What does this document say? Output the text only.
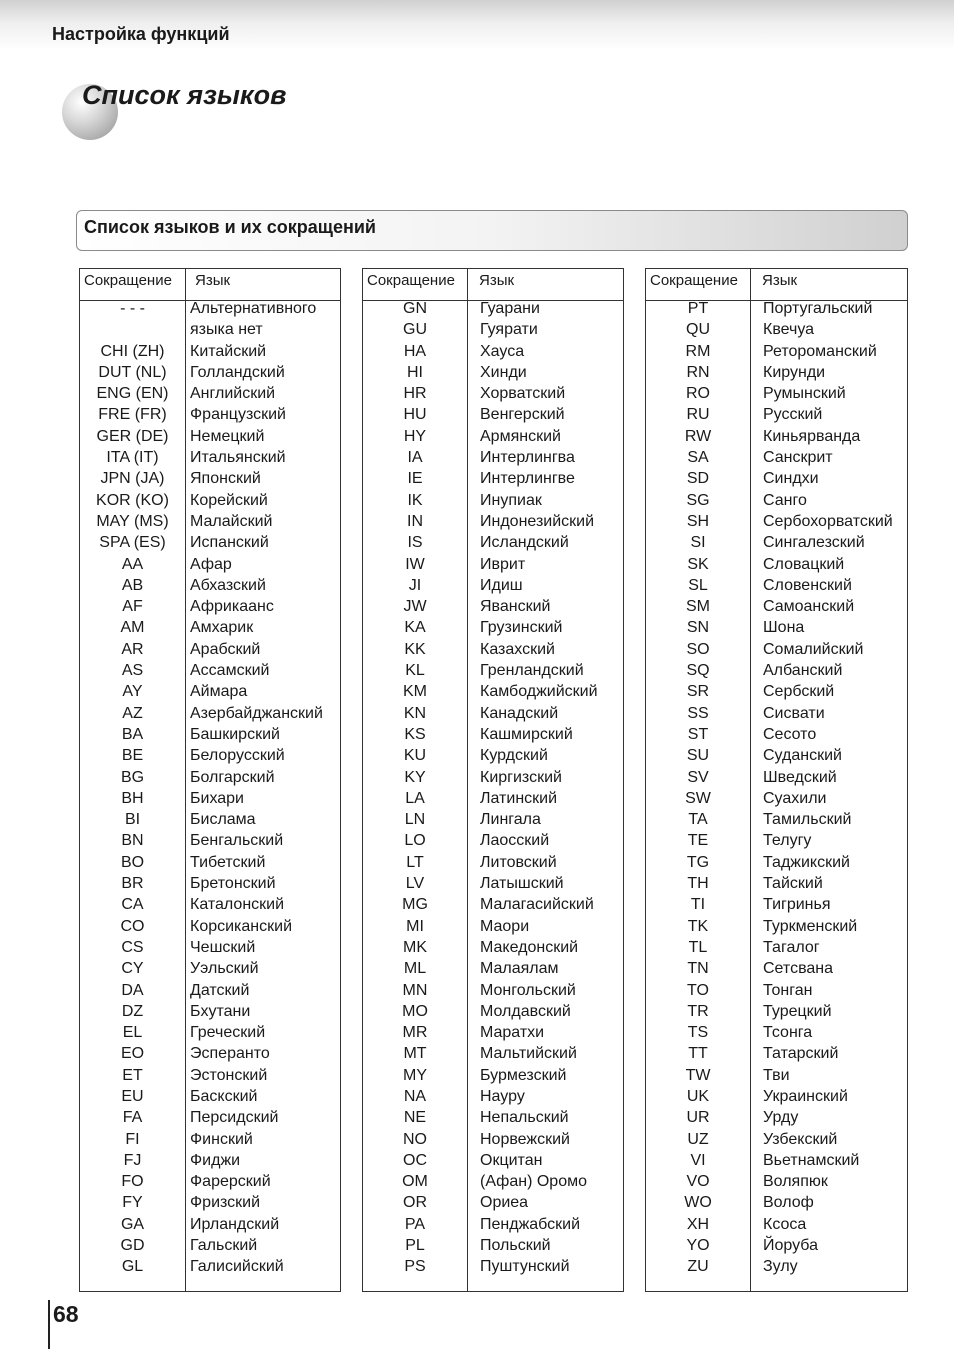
Настройка функций
Список языков
Список языков и их сокращений
Сокращение Язык
- - -	Альтернативного
языка нет
CHI (ZH)	Китайский
DUT (NL)	Голландский
ENG (EN)	Английский
FRE (FR)	Французский
GER (DE)	Немецкий
ITA (IT)	Итальянский
JPN (JA)	Японский
KOR (KO)	Корейский
MAY (MS)	Малайский
SPA (ES)	Испанский
AA	Афар
AB	Абхазский
AF	Африкаанс
AM	Амхарик
AR	Арабский
AS	Ассамский
AY	Аймара
AZ	Азербайджанский
BA	Башкирский
BE	Белорусский
BG	Болгарский
BH	Бихари
BI	Бислама
BN	Бенгальский
BO	Тибетский
BR	Бретонский
CA	Каталонский
CO	Корсиканский
CS	Чешский
CY	Уэльский
DA	Датский
DZ	Бхутани
EL	Греческий
EO	Эсперанто
ET	Эстонский
EU	Баскский
FA	Персидский
FI	Финский
FJ	Фиджи
FO	Фарерский
FY	Фризский
GA	Ирландский
GD	Гальский
GL	Галисийский
Сокращение Язык
GN	Гуарани
GU	Гуярати
HA	Хауса
HI	Хинди
HR	Хорватский
HU	Венгерский
HY	Армянский
IA	Интерлингва
IE	Интерлингве
IK	Инупиак
IN	Индонезийский
IS	Исландский
IW	Иврит
JI	Идиш
JW	Яванский
KA	Грузинский
KK	Казахский
KL	Гренландский
KM	Камбоджийский
KN	Канадский
KS	Кашмирский
KU	Курдский
KY	Киргизский
LA	Латинский
LN	Лингала
LO	Лаосский
LT	Литовский
LV	Латышский
MG	Малагасийский
MI	Маори
MK	Македонский
ML	Малаялам
MN	Монгольский
MO	Молдавский
MR	Маратхи
MT	Мальтийский
MY	Бурмезский
NA	Науру
NE	Непальский
NO	Норвежский
OC	Окцитан
OM	(Афан) Оромо
OR	Ориеа
PA	Пенджабский
PL	Польский
PS	Пуштунский
Сокращение Язык
PT	Португальский
QU	Квечуа
RM	Ретороманский
RN	Кирунди
RO	Румынский
RU	Русский
RW	Киньярванда
SA	Санскрит
SD	Синдхи
SG	Санго
SH	Сербохорватский
SI	Сингалезский
SK	Словацкий
SL	Словенский
SM	Самоанский
SN	Шона
SO	Сомалийский
SQ	Албанский
SR	Сербский
SS	Сисвати
ST	Сесото
SU	Суданский
SV	Шведский
SW	Суахили
TA	Тамильский
TE	Телугу
TG	Таджикский
TH	Тайский
TI	Тигринья
TK	Туркменский
TL	Тагалог
TN	Сетсвана
TO	Тонган
TR	Турецкий
TS	Тсонга
TT	Татарский
TW	Тви
UK	Украинский
UR	Урду
UZ	Узбекский
VI	Вьетнамский
VO	Воляпюк
WO	Волоф
XH	Ксоса
YO	Йоруба
ZU	Зулу
68
